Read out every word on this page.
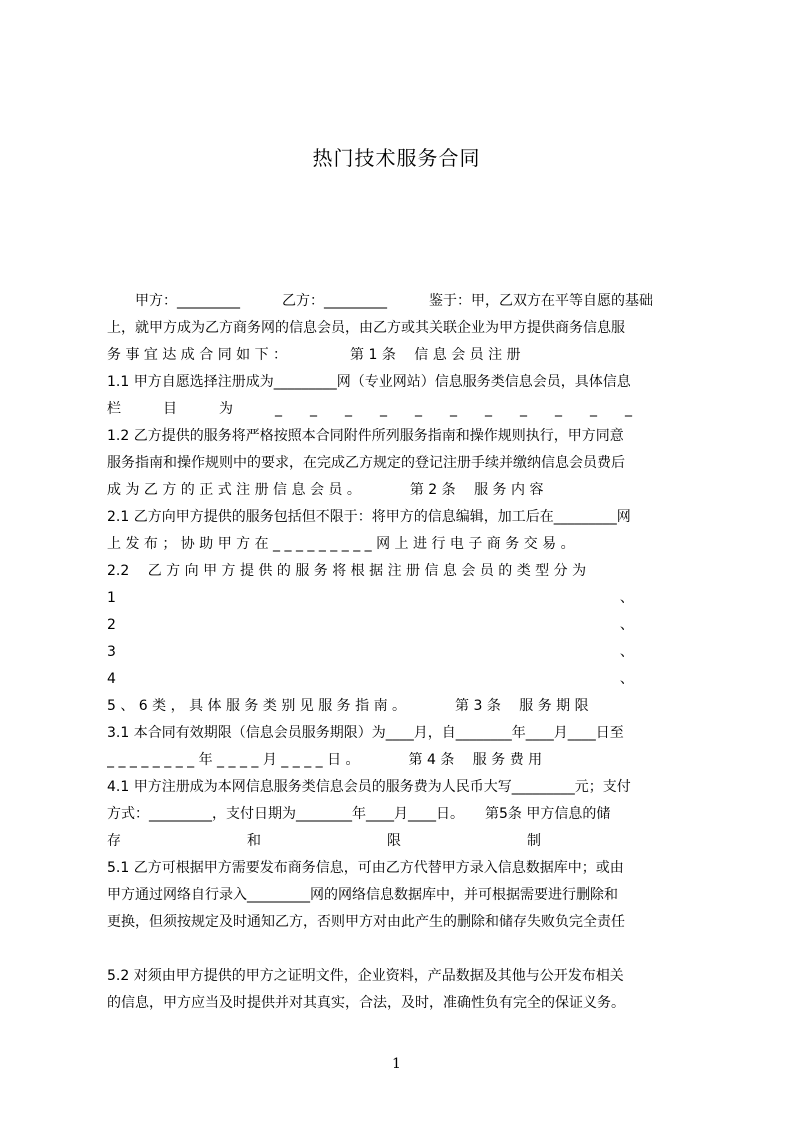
热门技术服务合同
　　甲方：_________　　　乙方：_________　　　鉴于：甲，乙双方在平等自愿的基础
上，就甲方成为乙方商务网的信息会员，由乙方或其关联企业为甲方提供商务信息服
务 事 宜 达 成 合 同 如 下 ：　　　　　第 1 条　 信 息 会 员 注 册
1.1 甲方自愿选择注册成为_________网（专业网站）信息服务类信息会员，具体信息
栏　　　目　　　为　　　_　　_　　_　　_　　_　　_　　_　　_　　_　　_　　_
1.2 乙方提供的服务将严格按照本合同附件所列服务指南和操作规则执行，甲方同意
服务指南和操作规则中的要求，在完成乙方规定的登记注册手续并缴纳信息会员费后
成 为 乙 方 的 正 式 注 册 信 息 会 员 。　　　　第 2 条　 服 务 内 容
2.1 乙方向甲方提供的服务包括但不限于：将甲方的信息编辑，加工后在_________网
上 发 布 ； 协 助 甲 方 在 _ _ _ _ _ _ _ _ _ 网 上 进 行 电 子 商 务 交 易 。
2.2　 乙 方 向 甲 方 提 供 的 服 务 将 根 据 注 册 信 息 会 员 的 类 型 分 为
1　　　　　　　　　　　　　　　　　　　　　　　　　　　　　　　　　　　　、
2　　　　　　　　　　　　　　　　　　　　　　　　　　　　　　　　　　　　、
3　　　　　　　　　　　　　　　　　　　　　　　　　　　　　　　　　　　　、
4　　　　　　　　　　　　　　　　　　　　　　　　　　　　　　　　　　　　、
5 、 6 类 ， 具 体 服 务 类 别 见 服 务 指 南 。　　　　第 3 条　 服 务 期 限
3.1 本合同有效期限（信息会员服务期限）为____月，自________年____月____日至
_ _ _ _ _ _ _ _ 年 _ _ _ _ 月 _ _ _ _ 日 。　　　　第 4 条　 服 务 费 用
4.1 甲方注册成为本网信息服务类信息会员的服务费为人民币大写_________元；支付
方式：_________，支付日期为________年____月____日。　　第5条 甲方信息的储
存　　　　　　　　　和　　　　　　　　　限　　　　　　　　　制
5.1 乙方可根据甲方需要发布商务信息，可由乙方代替甲方录入信息数据库中；或由
甲方通过网络自行录入_________网的网络信息数据库中，并可根据需要进行删除和
更换，但须按规定及时通知乙方，否则甲方对由此产生的删除和储存失败负完全责任
5.2 对须由甲方提供的甲方之证明文件，企业资料，产品数据及其他与公开发布相关
的信息，甲方应当及时提供并对其真实，合法，及时，准确性负有完全的保证义务。
1
